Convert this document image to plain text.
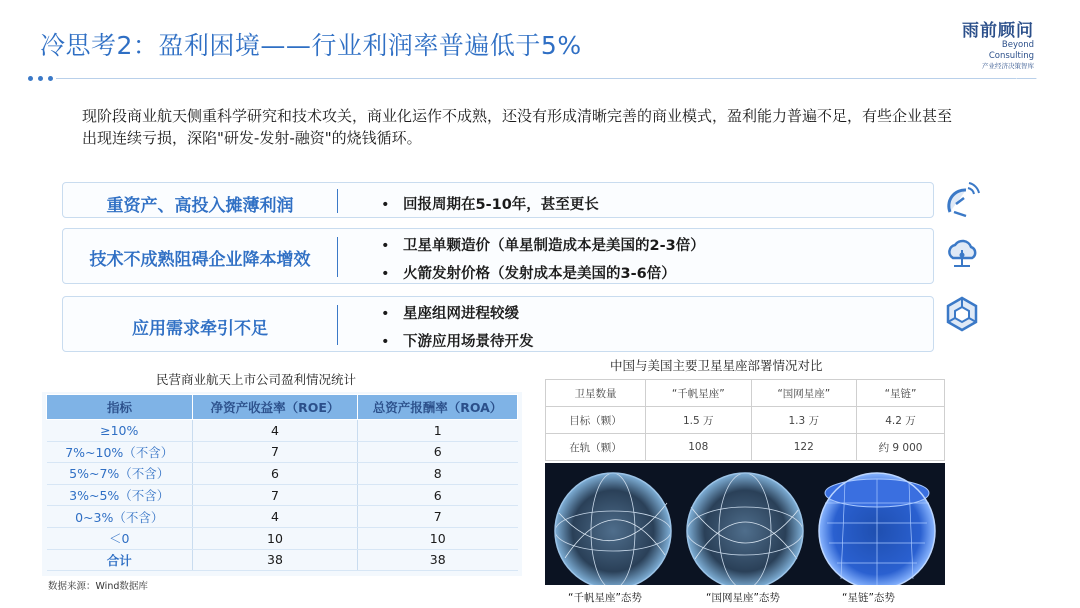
冷思考2：盈利困境——行业利润率普遍低于5%	雨前顾问
Beyond Consulting
产业经济决策智库
现阶段商业航天侧重科学研究和技术攻关，商业化运作不成熟，还没有形成清晰完善的商业模式，盈利能力普遍不足，有些企业甚至出现连续亏损，深陷"研发-发射-融资"的烧钱循环。
重资产、高投入摊薄利润	• 回报周期在5-10年，甚至更长
技术不成熟阻碍企业降本增效
• 卫星单颗造价（单星制造成本是美国的2-3倍）
• 火箭发射价格（发射成本是美国的3-6倍）
应用需求牵引不足
• 星座组网进程较缓
• 下游应用场景待开发
民营商业航天上市公司盈利情况统计
指标	净资产收益率（ROE）	总资产报酬率（ROA）
≥10%	4	1
7%~10%（不含）	7	6
5%~7%（不含）	6	8
3%~5%（不含）	7	6
0~3%（不含）	4	7
＜0	10	10
合计	38	38
数据来源：Wind数据库
中国与美国主要卫星星座部署情况对比
卫星数量	“千帆星座”	“国网星座”	“星链”
目标（颗）	1.5 万	1.3 万	4.2 万
在轨（颗）	108	122	约 9 000
“千帆星座”态势	“国网星座”态势	“星链”态势
